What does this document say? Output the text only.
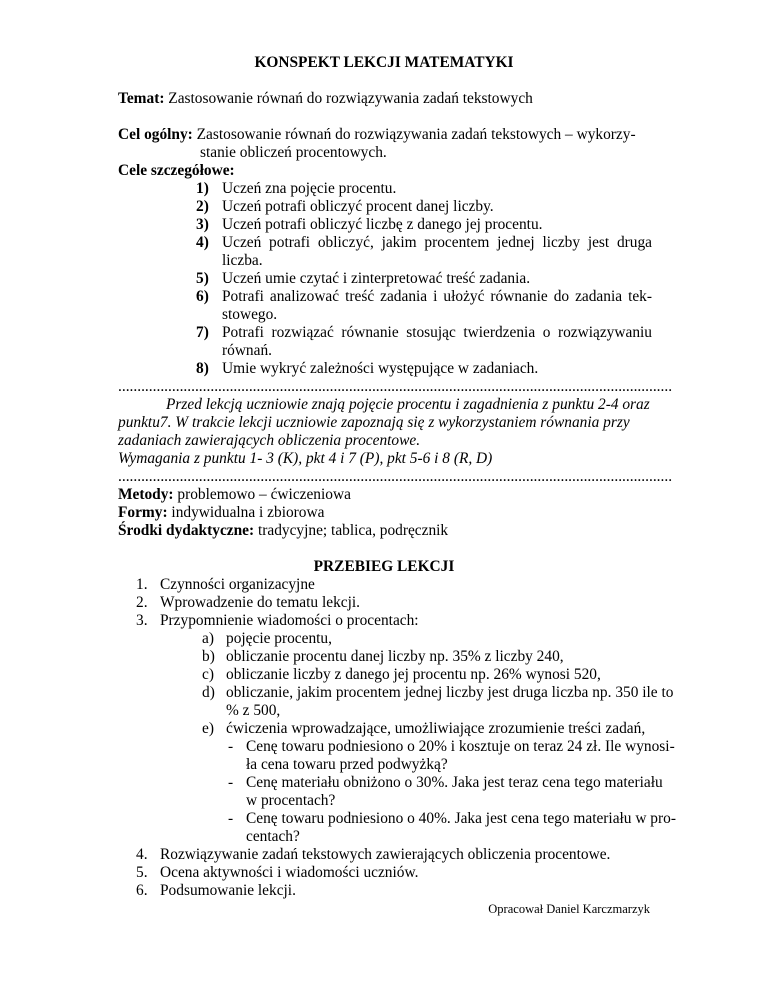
KONSPEKT LEKCJI MATEMATYKI
Temat: Zastosowanie równań do rozwiązywania zadań tekstowych
Cel ogólny: Zastosowanie równań do rozwiązywania zadań tekstowych – wykorzy-
stanie obliczeń procentowych.
Cele szczegółowe:
1) Uczeń zna pojęcie procentu.
2) Uczeń potrafi obliczyć procent danej liczby.
3) Uczeń potrafi obliczyć liczbę z danego jej procentu.
4) Uczeń potrafi obliczyć, jakim procentem jednej liczby jest druga
liczba.
5) Uczeń umie czytać i zinterpretować treść zadania.
6) Potrafi analizować treść zadania i ułożyć równanie do zadania tek-
stowego.
7) Potrafi rozwiązać równanie stosując twierdzenia o rozwiązywaniu
równań.
8) Umie wykryć zależności występujące w zadaniach.
................................................................................................................................................
Przed lekcją uczniowie znają pojęcie procentu i zagadnienia z punktu 2-4 oraz
punktu7. W trakcie lekcji uczniowie zapoznają się z wykorzystaniem równania przy
zadaniach zawierających obliczenia procentowe.
Wymagania z punktu 1- 3 (K), pkt 4 i 7 (P), pkt 5-6 i 8 (R, D)
................................................................................................................................................
Metody: problemowo – ćwiczeniowa
Formy: indywidualna i zbiorowa
Środki dydaktyczne: tradycyjne; tablica, podręcznik
PRZEBIEG LEKCJI
1. Czynności organizacyjne
2. Wprowadzenie do tematu lekcji.
3. Przypomnienie wiadomości o procentach:
a) pojęcie procentu,
b) obliczanie procentu danej liczby np. 35% z liczby 240,
c) obliczanie liczby z danego jej procentu np. 26% wynosi 520,
d) obliczanie, jakim procentem jednej liczby jest druga liczba np. 350 ile to
% z 500,
e) ćwiczenia wprowadzające, umożliwiające zrozumienie treści zadań,
- Cenę towaru podniesiono o 20% i kosztuje on teraz 24 zł. Ile wynosi-
ła cena towaru przed podwyżką?
- Cenę materiału obniżono o 30%. Jaka jest teraz cena tego materiału
w procentach?
- Cenę towaru podniesiono o 40%. Jaka jest cena tego materiału w pro-
centach?
4. Rozwiązywanie zadań tekstowych zawierających obliczenia procentowe.
5. Ocena aktywności i wiadomości uczniów.
6. Podsumowanie lekcji.
Opracował Daniel Karczmarzyk
